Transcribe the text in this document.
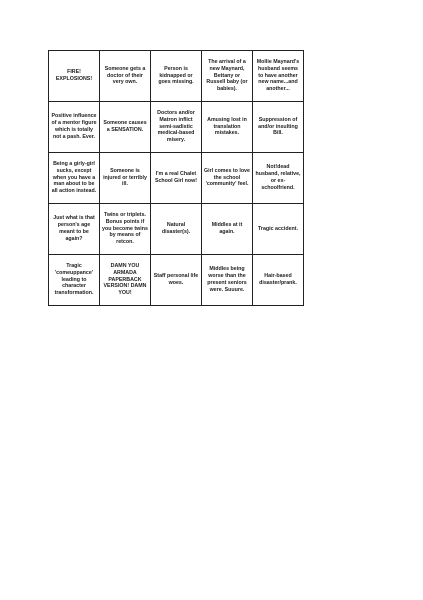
FIRE! EXPLOSIONS!	Someone gets a doctor of their very own.	Person is kidnapped or goes missing.	The arrival of a new Maynard, Bettany or Russell baby (or babies).	Mollie Maynard's husband seems to have another new name...and another...

Positive influence of a mentor figure which is totally not a pash. Ever.	Someone causes a SENSATION.	Doctors and/or Matron inflict semi-sadistic medical-based misery.	Amusing lost in translation mistakes.	Suppression of and/or insulting Bill.

Being a girly-girl sucks, except when you have a man about to be all action instead.	Someone is injured or terribly ill.	I'm a real Chalet School Girl now!	Girl comes to love the school 'community' feel.	Not!dead husband, relative, or ex-schoolfriend.

Just what is that person's age meant to be again?	Twins or triplets. Bonus points if you become twins by means of retcon.	Natural disaster(s).	Middles at it again.	Tragic accident.

Tragic 'comeuppance' leading to character transformation.	DAMN YOU ARMADA PAPERBACK VERSION! DAMN YOU!	Staff personal life woes.	Middles being worse than the present seniors were. Suuure.	Hair-based disaster/prank.
